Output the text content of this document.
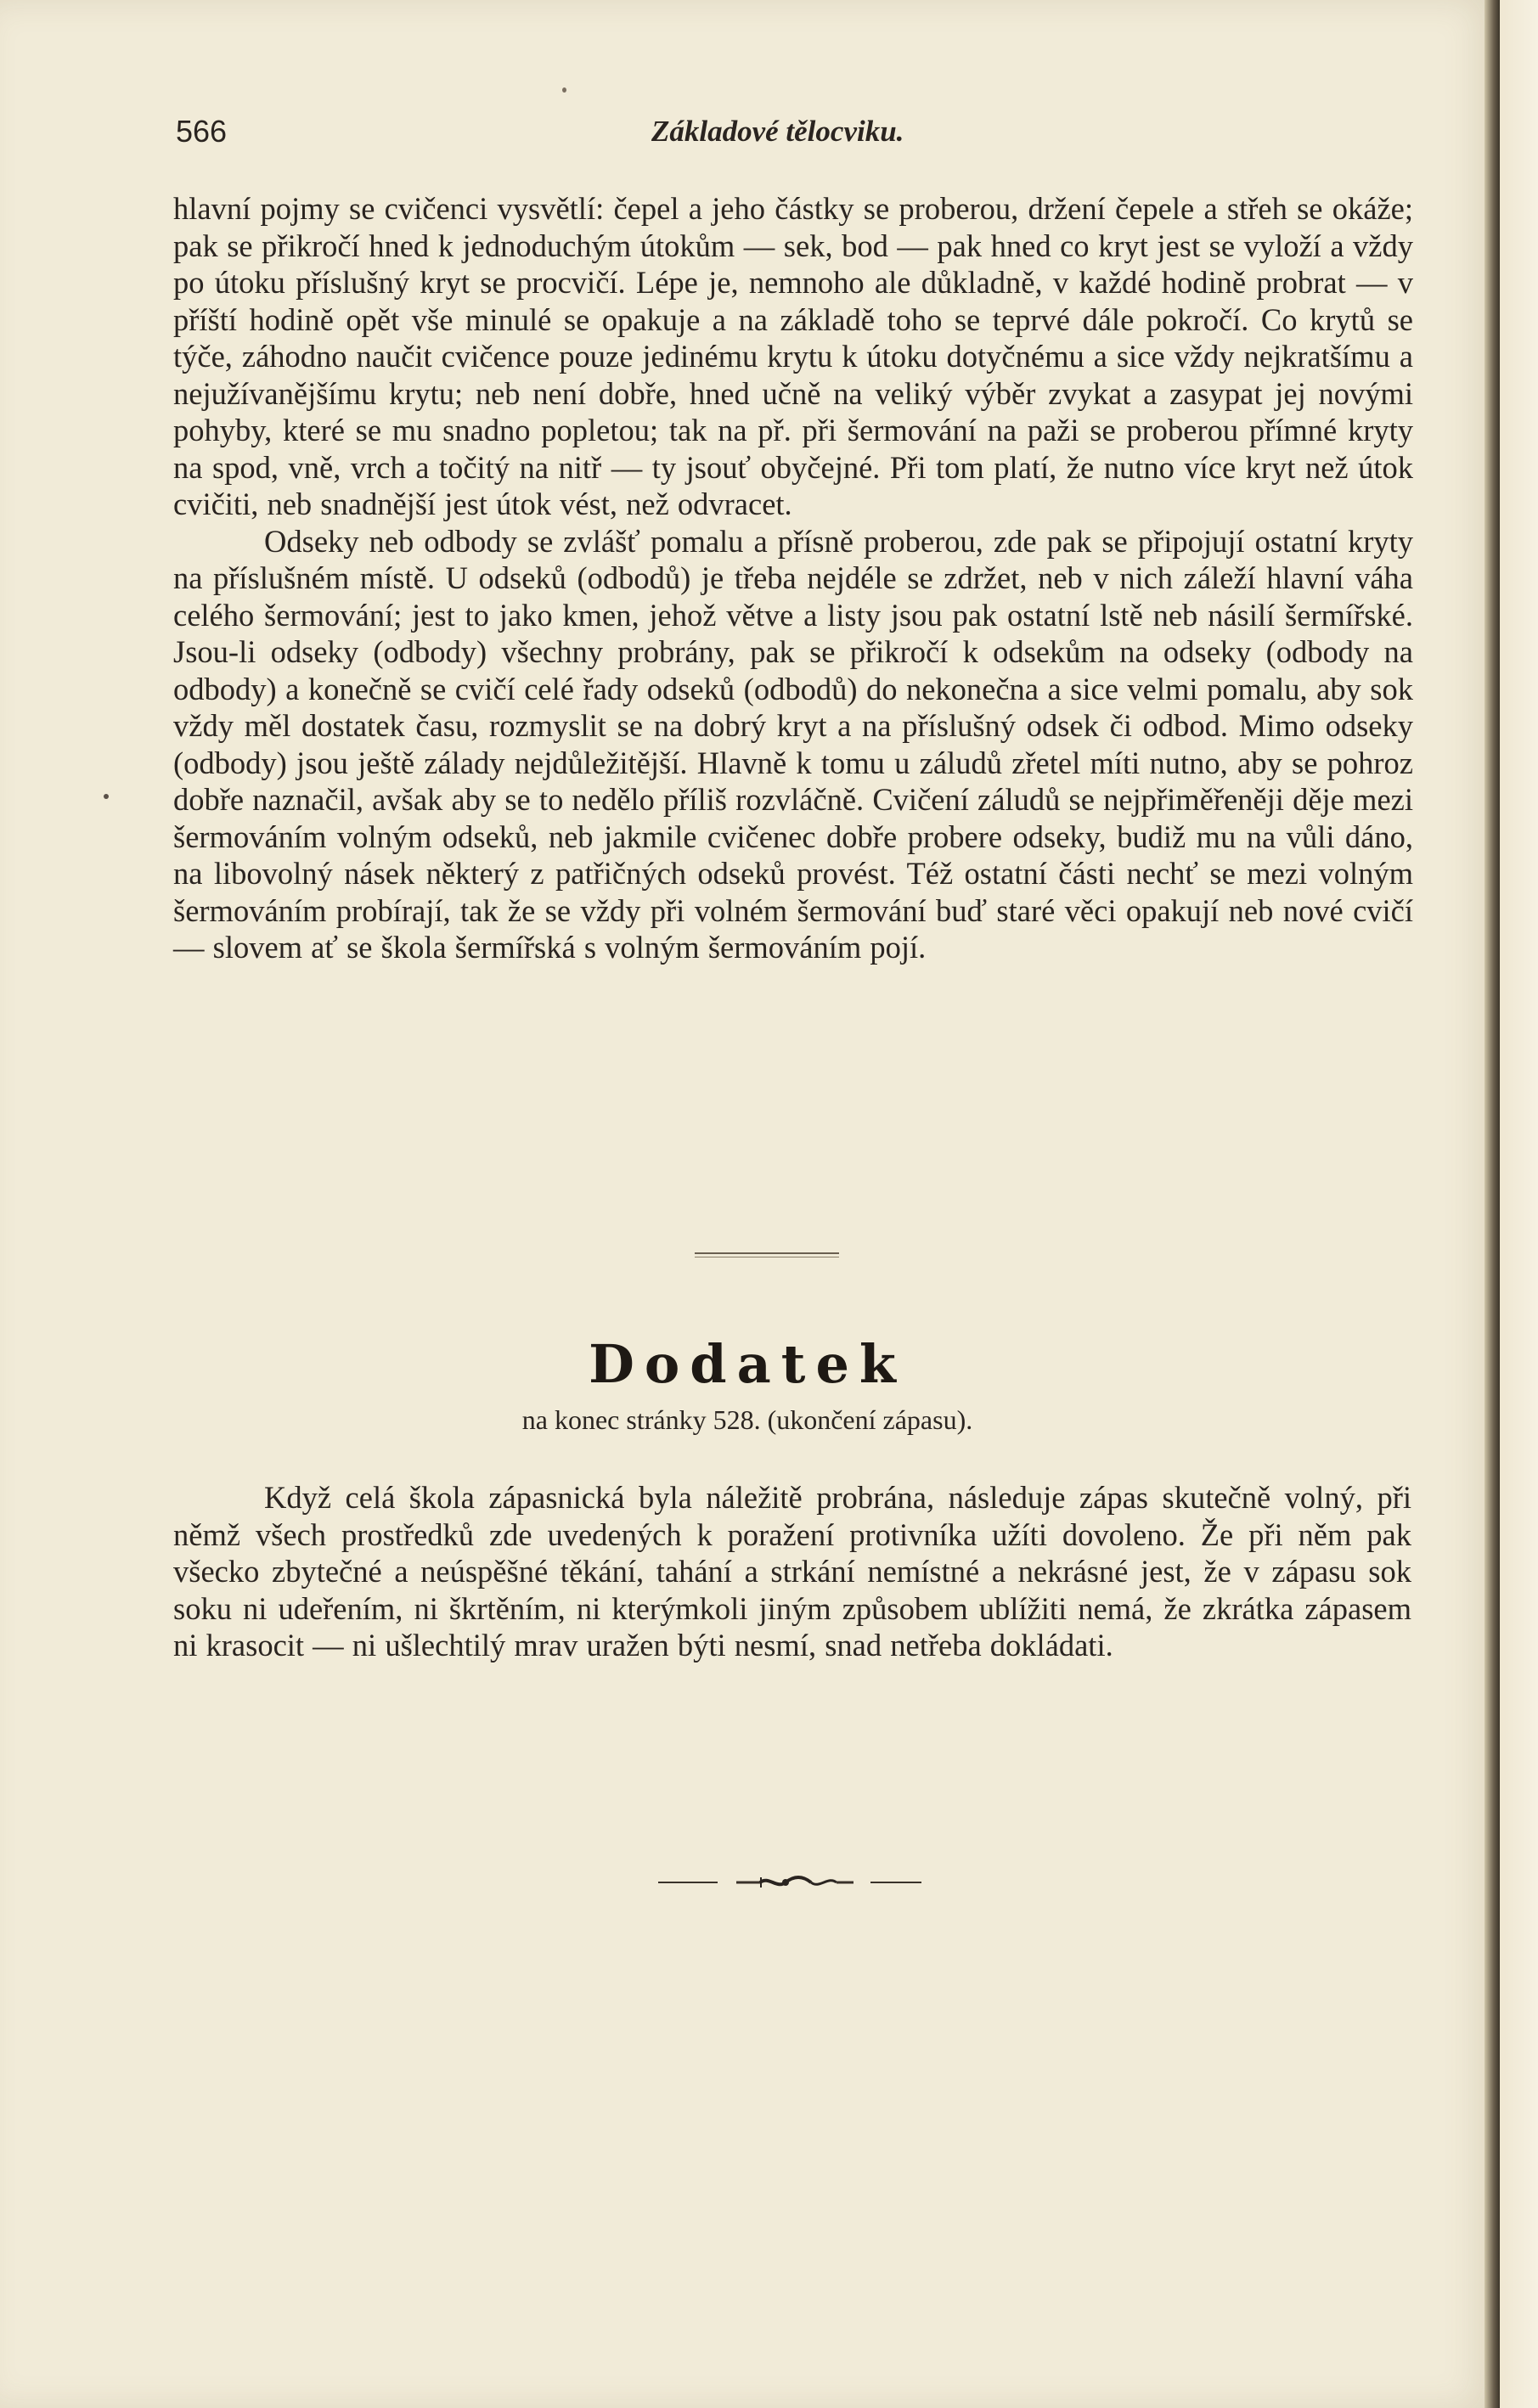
566	Základové tělocviku.

hlavní pojmy se cvičenci vysvětlí: čepel a jeho částky se proberou, držení čepele a střeh se okáže; pak se přikročí hned k jednoduchým útokům — sek, bod — pak hned co kryt jest se vyloží a vždy po útoku příslušný kryt se procvičí. Lépe je, nemnoho ale důkladně, v každé hodině probrat — v příští hodině opět vše minulé se opakuje a na základě toho se teprvé dále pokročí. Co krytů se týče, záhodno naučit cvičence pouze jedinému krytu k útoku dotyčnému a sice vždy nejkratšímu a nejužívanějšímu krytu; neb není dobře, hned učně na veliký výběr zvykat a zasypat jej novými pohyby, které se mu snadno popletou; tak na př. při šermování na paži se proberou přímné kryty na spod, vně, vrch a točitý na nitř — ty jsouť obyčejné. Při tom platí, že nutno více kryt než útok cvičiti, neb snadnější jest útok vést, než odvracet.

Odseky neb odbody se zvlášť pomalu a přísně proberou, zde pak se připojují ostatní kryty na příslušném místě. U odseků (odbodů) je třeba nejdéle se zdržet, neb v nich záleží hlavní váha celého šermování; jest to jako kmen, jehož větve a listy jsou pak ostatní lstě neb násilí šermířské. Jsou-li odseky (odbody) všechny probrány, pak se přikročí k odsekům na odseky (odbody na odbody) a konečně se cvičí celé řady odseků (odbodů) do nekonečna a sice velmi pomalu, aby sok vždy měl dostatek času, rozmyslit se na dobrý kryt a na příslušný odsek či odbod. Mimo odseky (odbody) jsou ještě zálady nejdůležitější. Hlavně k tomu u záludů zřetel míti nutno, aby se pohroz dobře naznačil, avšak aby se to nedělo příliš rozvláčně. Cvičení záludů se nejpřiměřeněji děje mezi šermováním volným odseků, neb jakmile cvičenec dobře probere odseky, budiž mu na vůli dáno, na libovolný násek některý z patřičných odseků provést. Též ostatní části nechť se mezi volným šermováním probírají, tak že se vždy při volném šermování buď staré věci opakují neb nové cvičí — slovem ať se škola šermířská s volným šermováním pojí.

Dodatek
na konec stránky 528. (ukončení zápasu).

Když celá škola zápasnická byla náležitě probrána, následuje zápas skutečně volný, při němž všech prostředků zde uvedených k poražení protivníka užíti dovoleno. Že při něm pak všecko zbytečné a neúspěšné těkání, tahání a strkání nemístné a nekrásné jest, že v zápasu sok soku ni udeřením, ni škrtěním, ni kterýmkoli jiným způsobem ublížiti nemá, že zkrátka zápasem ni krasocit — ni ušlechtilý mrav uražen býti nesmí, snad netřeba dokládati.
